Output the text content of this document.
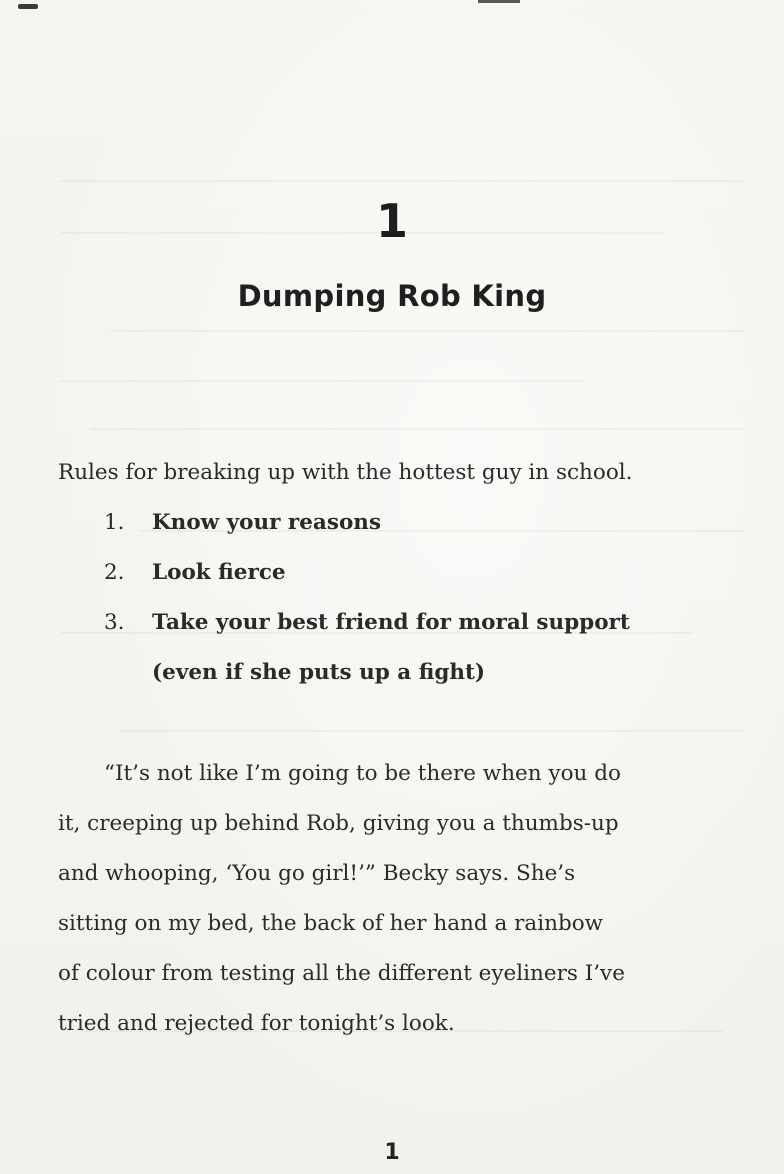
1
Dumping Rob King
Rules for breaking up with the hottest guy in school.
1. Know your reasons
2. Look fierce
3. Take your best friend for moral support
(even if she puts up a fight)
“It’s not like I’m going to be there when you do
it, creeping up behind Rob, giving you a thumbs-up
and whooping, ‘You go girl!’” Becky says. She’s
sitting on my bed, the back of her hand a rainbow
of colour from testing all the different eyeliners I’ve
tried and rejected for tonight’s look.
1
